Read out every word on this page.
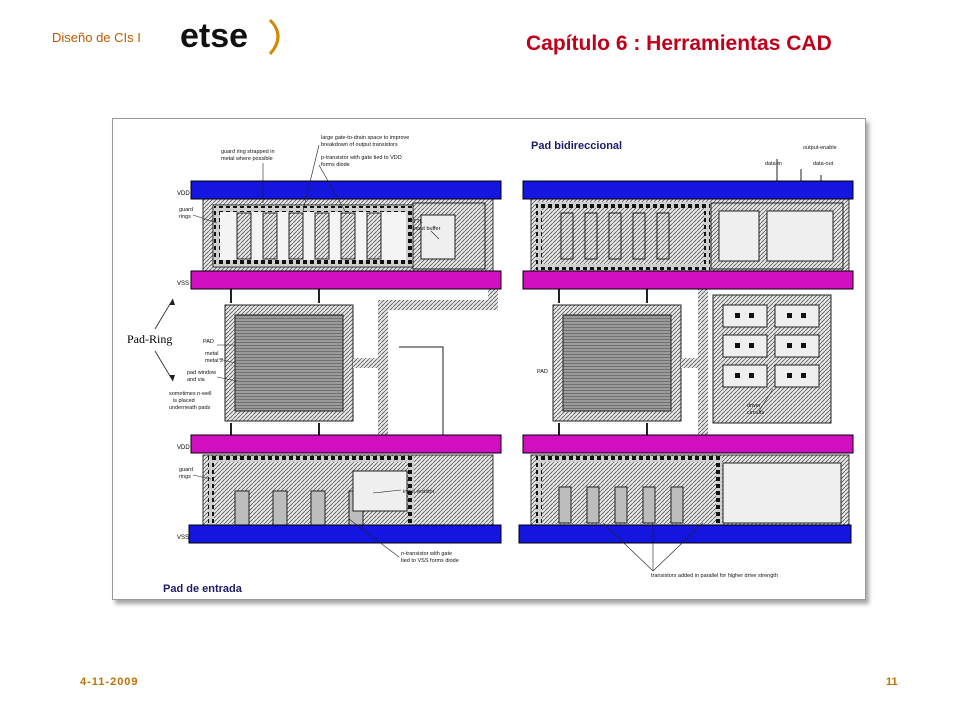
Diseño de CIs I etse	Capítulo 6 : Herramientas CAD
VDD
VSS
VDD
VSS
guard ring strapped in
metal where possible
large gate-to-drain space to improve
breakdown of output transistors
p-transistor with gate tied to VDD
forms diode
TTL
input buffer
guard
rings
PAD
metal
metal 2
pad window
and via
sometimes n-well
is placed
underneath pads
guard
rings
input resistor
n-transistor with gate
tied to VSS forms diode
Pad-Ring
Pad de entrada
Pad bidireccional	output-enable
data-in	data-out
PAD
driver
circuits
transistors added in parallel for higher drive strength
4-11-2009	11
